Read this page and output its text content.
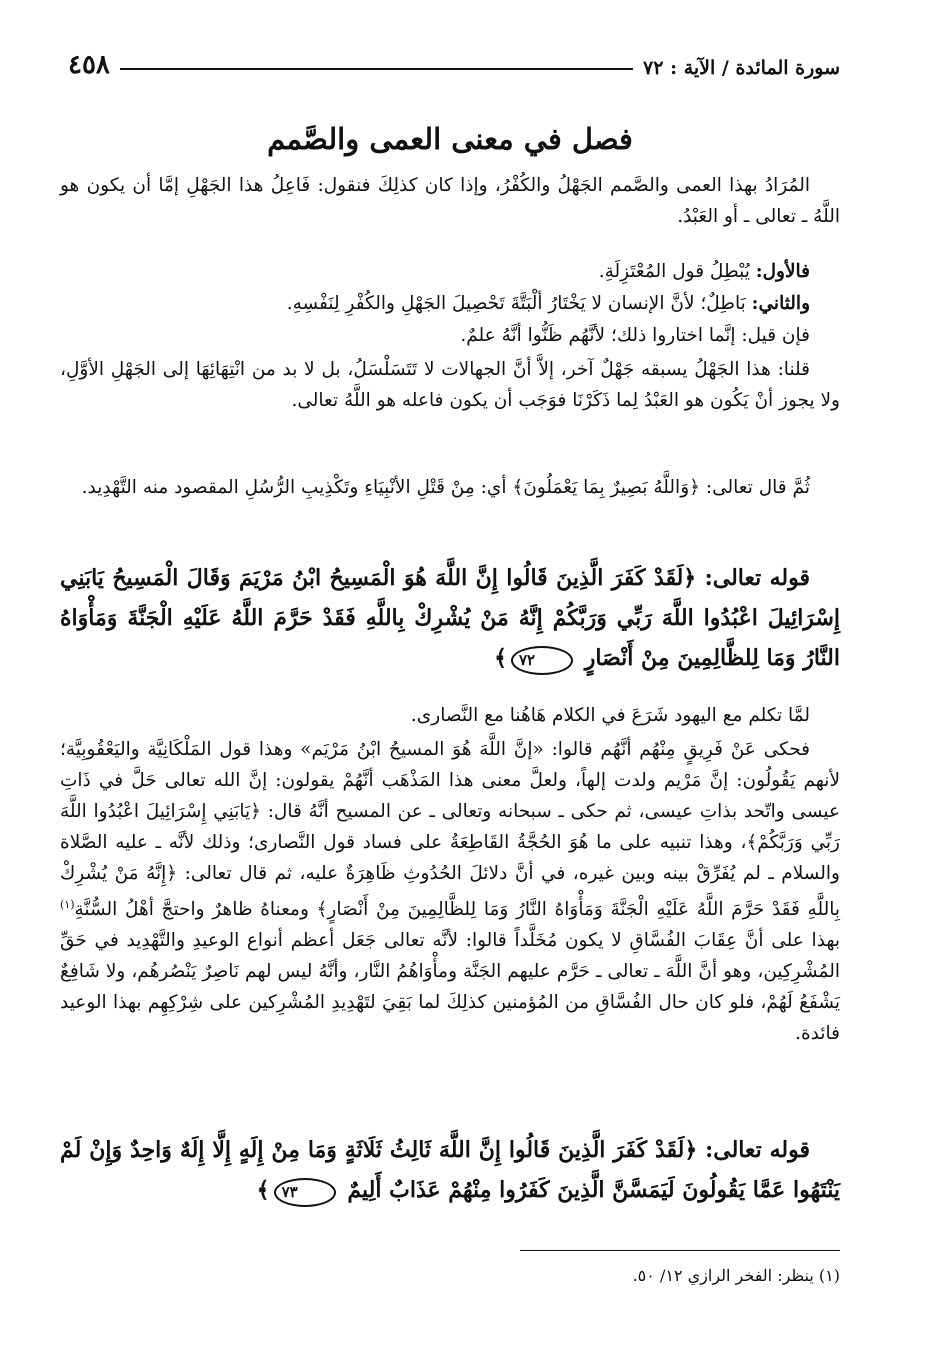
سورة المائدة / الآية : ٧٢
٤٥٨
فصل في معنى العمى والصَّمم

المُرَادُ بهذا العمى والصَّمم الجَهْلُ والكُفْرُ، وإذا كان كذلِكَ فنقول: فَاعِلُ هذا الجَهْلِ إمَّا أن يكون هو اللَّهُ ـ تعالى ـ أو العَبْدُ.

فالأول: يُبْطِلُ قول المُعْتَزِلَةِ.

والثاني: بَاطِلٌ؛ لأنَّ الإنسان لا يَخْتَارُ ألْبَتَّةَ تَحْصِيلَ الجَهْلِ والكُفْرِ لِنَفْسِهِ.

فإن قيل: إنَّما اختاروا ذلك؛ لأنَّهُم ظَنُّوا أنَّهُ علمٌ.

قلنا: هذا الجَهْلُ يسبقه جَهْلٌ آخر، إلاَّ أنَّ الجهالات لا تَتَسَلْسَلُ، بل لا بد من انْتِهَائِهَا إلى الجَهْلِ الأوَّلِ، ولا يجوز أنْ يَكُون هو العَبْدُ لِما ذَكَرْنَا فوَجَب أن يكون فاعله هو اللَّهُ تعالى.

ثُمَّ قال تعالى: ﴿وَاللَّهُ بَصِيرٌ بِمَا يَعْمَلُونَ﴾ أي: مِنْ قَتْلِ الأنْبِيَاءِ وتَكْذِيبِ الرُّسُلِ المقصود منه التَّهْدِيد.

قوله تعالى: ﴿لَقَدْ كَفَرَ الَّذِينَ قَالُوا إِنَّ اللَّهَ هُوَ الْمَسِيحُ ابْنُ مَرْيَمَ وَقَالَ الْمَسِيحُ يَابَنِي إِسْرَائِيلَ اعْبُدُوا اللَّهَ رَبِّي وَرَبَّكُمْ إِنَّهُ مَنْ يُشْرِكْ بِاللَّهِ فَقَدْ حَرَّمَ اللَّهُ عَلَيْهِ الْجَنَّةَ وَمَأْوَاهُ النَّارُ وَمَا لِلظَّالِمِينَ مِنْ أَنْصَارٍ ٧٢﴾

لمَّا تكلم مع اليهود شَرَعَ في الكلام هَاهُنا مع النَّصارى.

فحكى عَنْ فَرِيقٍ مِنْهُم أنَّهُم قالوا: «إنَّ اللَّهَ هُوَ المسيحُ ابْنُ مَرْيَم» وهذا قول المَلْكَانِيَّة واليَعْقُوبِيَّة؛ لأنهم يَقُولُون: إنَّ مَرْيم ولدت إلهاً، ولعلَّ معنى هذا المَذْهَب أنَّهُمْ يقولون: إنَّ الله تعالى حَلَّ في ذَاتِ عيسى واتّحد بذاتِ عيسى، ثم حكى ـ سبحانه وتعالى ـ عن المسيح أنَّهُ قال: ﴿يَابَنِي إِسْرَائِيلَ اعْبُدُوا اللَّهَ رَبِّي وَرَبَّكُمْ﴾، وهذا تنبيه على ما هُوَ الحُجَّةُ القَاطِعَةُ على فساد قول النَّصارى؛ وذلك لأنَّه ـ عليه الصَّلاة والسلام ـ لم يُفَرِّقْ بينه وبين غيره، في أنَّ دلائلَ الحُدُوثِ ظَاهِرَةٌ عليه، ثم قال تعالى: ﴿إِنَّهُ مَنْ يُشْرِكْ بِاللَّهِ فَقَدْ حَرَّمَ اللَّهُ عَلَيْهِ الْجَنَّةَ وَمَأْوَاهُ النَّارُ وَمَا لِلظَّالِمِينَ مِنْ أَنْصَارٍ﴾ ومعناهُ ظاهرٌ واحتجَّ أهْلُ السُّنَّةِ$^{(١)}$ بهذا على أنَّ عِقَابَ الفُسَّاقِ لا يكون مُخَلَّداً قالوا: لأنَّه تعالى جَعَل أعظم أنواع الوعيدِ والتَّهْدِيد في حَقِّ المُشْرِكِين، وهو أنَّ اللَّهَ ـ تعالى ـ حَرَّم عليهم الجَنَّة ومأْوَاهُمُ النَّار، وأنَّهُ ليس لهم نَاصِرٌ يَنْصُرهُم، ولا شَافِعٌ يَشْفَعُ لَهُمْ، فلو كان حال الفُسَّاقِ من المُؤمنين كذلِكَ لما بَقِيَ لتَهْدِيدِ المُشْرِكين على شِرْكِهِم بهذا الوعيد فائدة.

قوله تعالى: ﴿لَقَدْ كَفَرَ الَّذِينَ قَالُوا إِنَّ اللَّهَ ثَالِثُ ثَلَاثَةٍ وَمَا مِنْ إِلَهٍ إِلَّا إِلَهٌ وَاحِدٌ وَإِنْ لَمْ يَنْتَهُوا عَمَّا يَقُولُونَ لَيَمَسَّنَّ الَّذِينَ كَفَرُوا مِنْهُمْ عَذَابٌ أَلِيمٌ ٧٣﴾

(١) ينظر: الفخر الرازي ١٢/ ٥٠.
